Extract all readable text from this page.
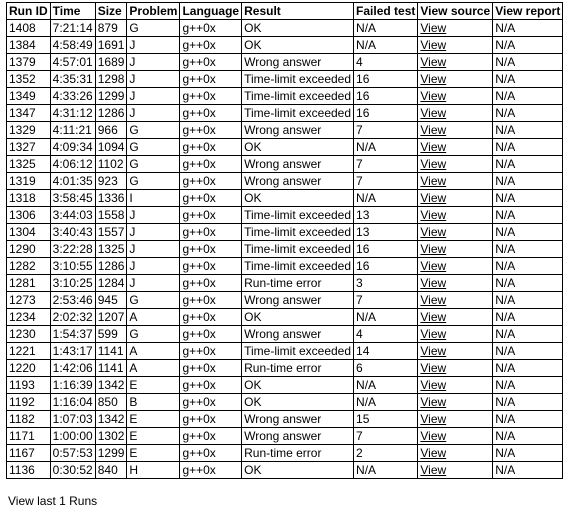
Run ID	Time	Size	Problem	Language	Result	Failed test	View source	View report
1408	7:21:14	879	G	g++0x	OK	N/A	View	N/A
1384	4:58:49	1691	J	g++0x	OK	N/A	View	N/A
1379	4:57:01	1689	J	g++0x	Wrong answer	4	View	N/A
1352	4:35:31	1298	J	g++0x	Time-limit exceeded	16	View	N/A
1349	4:33:26	1299	J	g++0x	Time-limit exceeded	16	View	N/A
1347	4:31:12	1286	J	g++0x	Time-limit exceeded	16	View	N/A
1329	4:11:21	966	G	g++0x	Wrong answer	7	View	N/A
1327	4:09:34	1094	G	g++0x	OK	N/A	View	N/A
1325	4:06:12	1102	G	g++0x	Wrong answer	7	View	N/A
1319	4:01:35	923	G	g++0x	Wrong answer	7	View	N/A
1318	3:58:45	1336	I	g++0x	OK	N/A	View	N/A
1306	3:44:03	1558	J	g++0x	Time-limit exceeded	13	View	N/A
1304	3:40:43	1557	J	g++0x	Time-limit exceeded	13	View	N/A
1290	3:22:28	1325	J	g++0x	Time-limit exceeded	16	View	N/A
1282	3:10:55	1286	J	g++0x	Time-limit exceeded	16	View	N/A
1281	3:10:25	1284	J	g++0x	Run-time error	3	View	N/A
1273	2:53:46	945	G	g++0x	Wrong answer	7	View	N/A
1234	2:02:32	1207	A	g++0x	OK	N/A	View	N/A
1230	1:54:37	599	G	g++0x	Wrong answer	4	View	N/A
1221	1:43:17	1141	A	g++0x	Time-limit exceeded	14	View	N/A
1220	1:42:06	1141	A	g++0x	Run-time error	6	View	N/A
1193	1:16:39	1342	E	g++0x	OK	N/A	View	N/A
1192	1:16:04	850	B	g++0x	OK	N/A	View	N/A
1182	1:07:03	1342	E	g++0x	Wrong answer	15	View	N/A
1171	1:00:00	1302	E	g++0x	Wrong answer	7	View	N/A
1167	0:57:53	1299	E	g++0x	Run-time error	2	View	N/A
1136	0:30:52	840	H	g++0x	OK	N/A	View	N/A
View last 1 Runs
